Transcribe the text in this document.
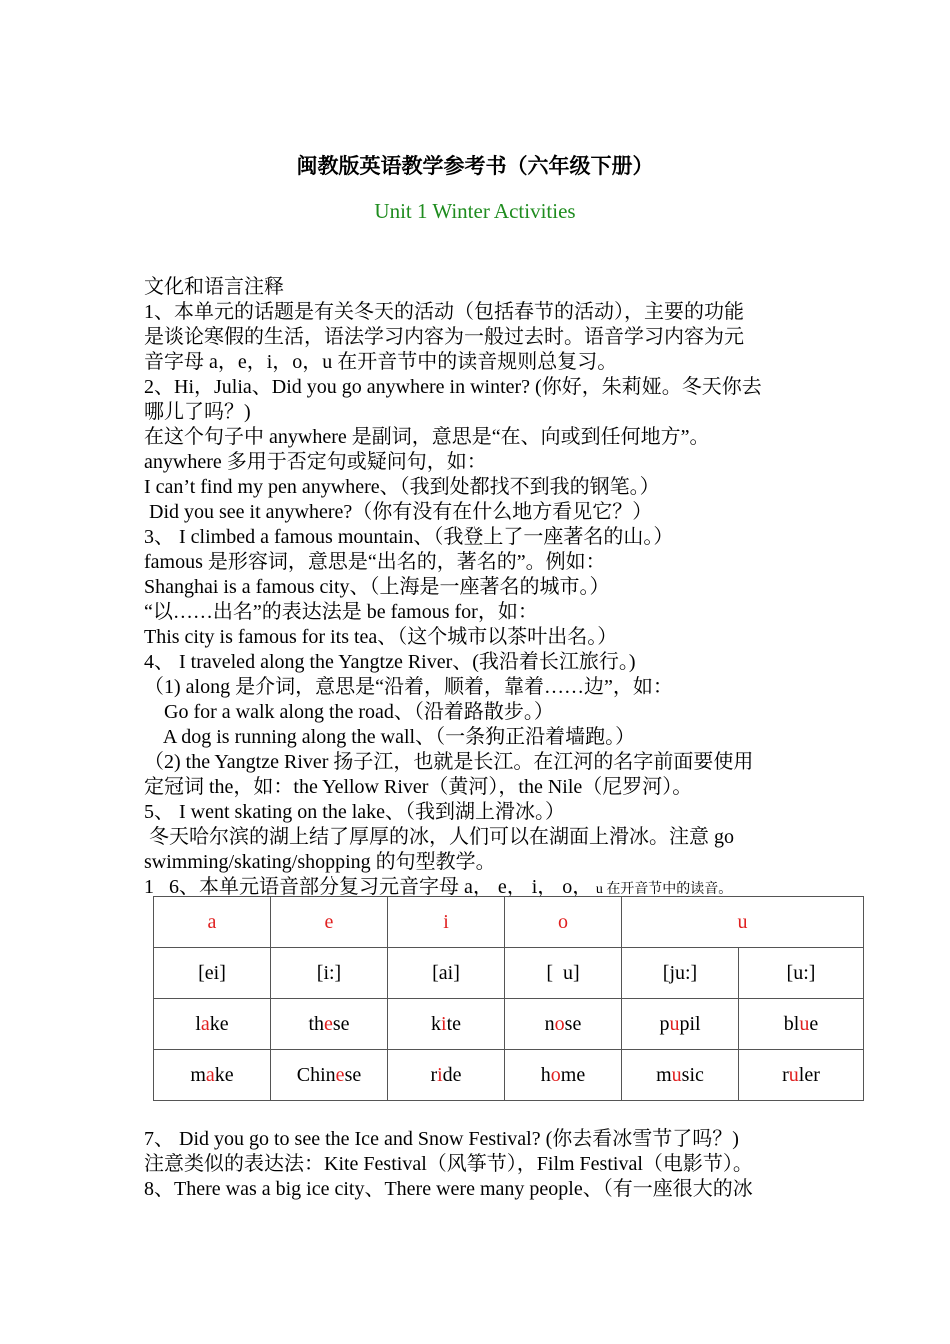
闽教版英语教学参考书（六年级下册）
Unit 1 Winter Activities
文化和语言注释
1、本单元的话题是有关冬天的活动（包括春节的活动），主要的功能
是谈论寒假的生活，语法学习内容为一般过去时。语音学习内容为元
音字母 a，e，i，o，u 在开音节中的读音规则总复习。
2、Hi，Julia、Did you go anywhere in winter? (你好，朱莉娅。冬天你去
哪儿了吗？)
在这个句子中 anywhere 是副词，意思是“在、向或到任何地方”。
anywhere 多用于否定句或疑问句，如：
I can’t find my pen anywhere、（我到处都找不到我的钢笔。）
Did you see it anywhere?（你有没有在什么地方看见它？）
3、 I climbed a famous mountain、（我登上了一座著名的山。）
famous 是形容词，意思是“出名的，著名的”。例如：
Shanghai is a famous city、（上海是一座著名的城市。）
“以……出名”的表达法是 be famous for，如：
This city is famous for its tea、（这个城市以茶叶出名。）
4、 I traveled along the Yangtze River、(我沿着长江旅行。)
（1) along 是介词，意思是“沿着，顺着，靠着……边”，如：
Go for a walk along the road、（沿着路散步。）
A dog is running along the wall、（一条狗正沿着墙跑。）
（2) the Yangtze River 扬子江，也就是长江。在江河的名字前面要使用
定冠词 the，如：the Yellow River（黄河），the Nile（尼罗河）。
5、 I went skating on the lake、（我到湖上滑冰。）
冬天哈尔滨的湖上结了厚厚的冰，人们可以在湖面上滑冰。注意 go
swimming/skating/shopping 的句型教学。
1   6、本单元语音部分复习元音字母 a， e， i， o， u 在开音节中的读音。
a	e	i	o	u	
[ei]	[i:]	[ai]	[  u]	[ju:]	[u:]
lake	these	kite	nose	pupil	blue
make	Chinese	ride	home	music	ruler
7、 Did you go to see the Ice and Snow Festival? (你去看冰雪节了吗？)
注意类似的表达法：Kite Festival（风筝节），Film Festival（电影节）。
8、There was a big ice city、There were many people、（有一座很大的冰
